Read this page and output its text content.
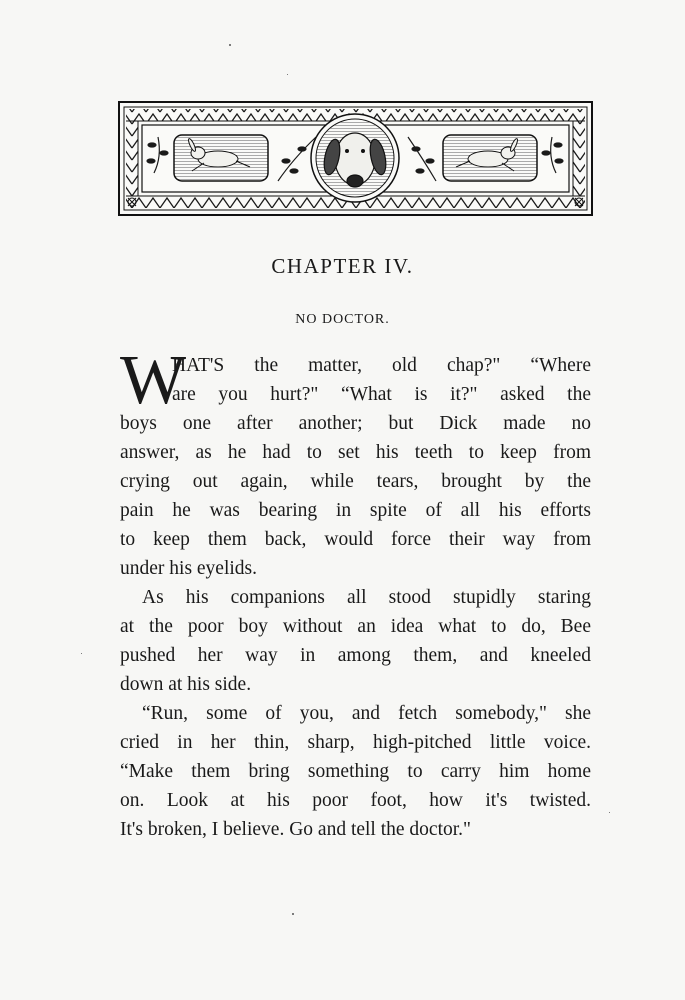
CHAPTER IV.
NO DOCTOR.
W
HAT'S the matter, old chap?" “Where
are you hurt?" “What is it?" asked the
boys one after another; but Dick made no
answer, as he had to set his teeth to keep from
crying out again, while tears, brought by the
pain he was bearing in spite of all his efforts
to keep them back, would force their way from
under his eyelids.
As his companions all stood stupidly staring
at the poor boy without an idea what to do, Bee
pushed her way in among them, and kneeled
down at his side.
“Run, some of you, and fetch somebody," she
cried in her thin, sharp, high-pitched little voice.
“Make them bring something to carry him home
on. Look at his poor foot, how it's twisted.
It's broken, I believe. Go and tell the doctor."
